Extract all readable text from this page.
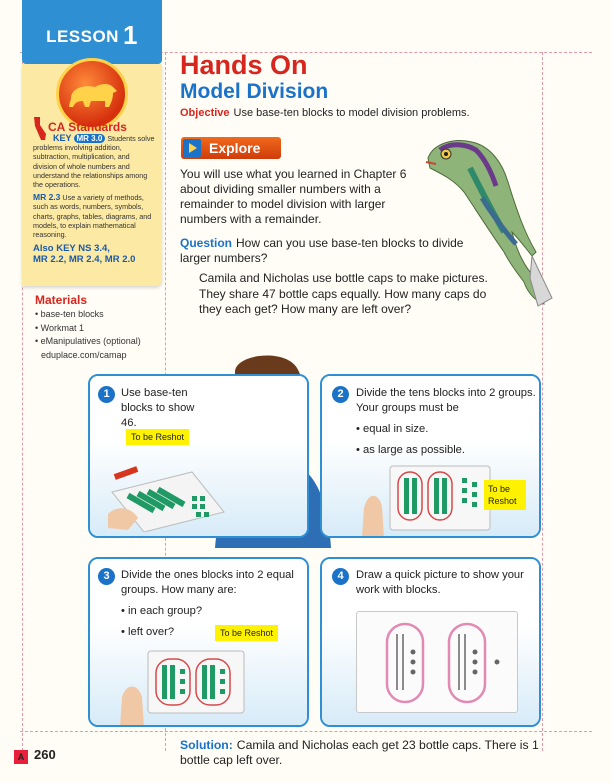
LESSON 1
CA Standards
KEY MR 3.0 Students solve problems involving addition, subtraction, multiplication, and division of whole numbers and understand the relationships among the operations.
MR 2.3 Use a variety of methods, such as words, numbers, symbols, charts, graphs, tables, diagrams, and models, to explain mathematical reasoning.
Also KEY NS 3.4,
MR 2.2, MR 2.4, MR 2.0
Materials
• base-ten blocks
• Workmat 1
• eManipulatives (optional)
eduplace.com/camap
Hands On
Model Division
Objective Use base-ten blocks to model division problems.
Explore
You will use what you learned in Chapter 6 about dividing smaller numbers with a remainder to model division with larger numbers with a remainder.
Question How can you use base-ten blocks to divide larger numbers?
Camila and Nicholas use bottle caps to make pictures. They share 47 bottle caps equally. How many caps do they each get? How many are left over?
1	Use base-ten blocks to show 46.
To be Reshot
2	Divide the tens blocks into 2 groups. Your groups must be
• equal in size.
• as large as possible.
To be Reshot
3	Divide the ones blocks into 2 equal groups. How many are:
• in each group?
• left over?	To be Reshot
4	Draw a quick picture to show your work with blocks.
Solution: Camila and Nicholas each get 23 bottle caps. There is 1 bottle cap left over.
A 260
